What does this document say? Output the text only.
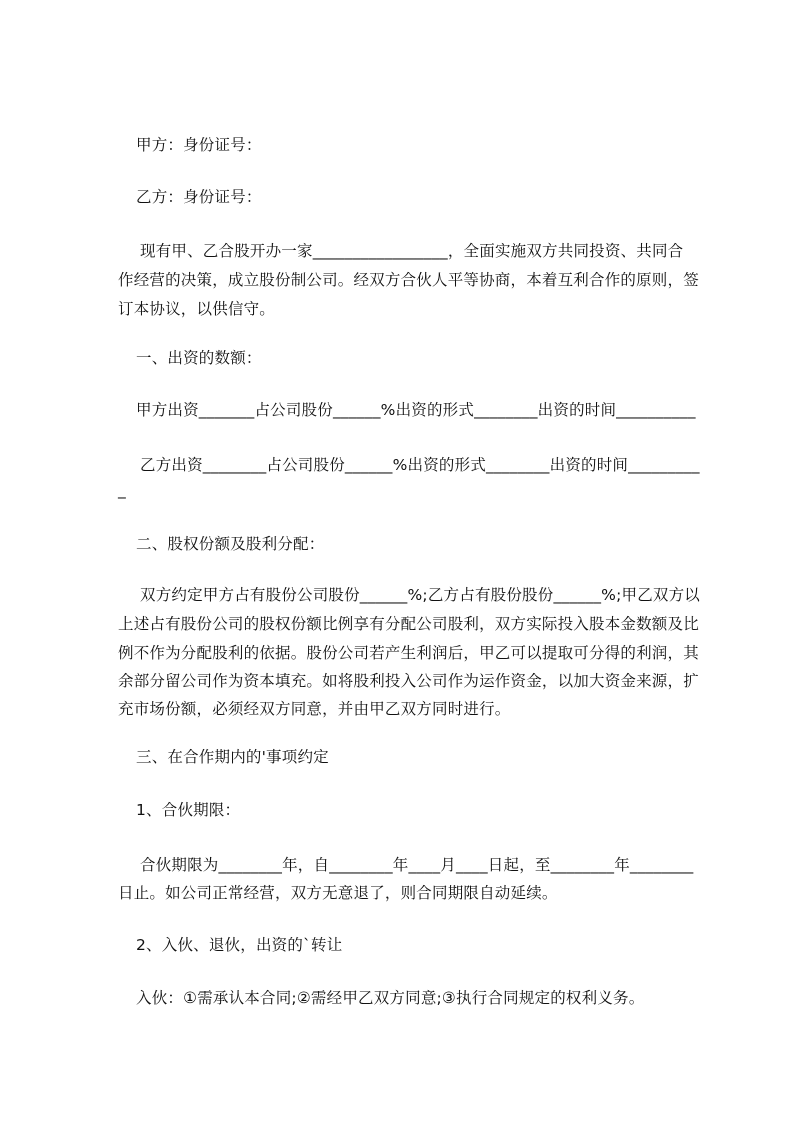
甲方：身份证号：
乙方：身份证号：
现有甲、乙合股开办一家_________________，全面实施双方共同投资、共同合
作经营的决策，成立股份制公司。经双方合伙人平等协商，本着互利合作的原则，签
订本协议，以供信守。
一、出资的数额：
甲方出资_______占公司股份______%出资的形式________出资的时间__________
乙方出资________占公司股份______%出资的形式________出资的时间_________
_
二、股权份额及股利分配：
双方约定甲方占有股份公司股份______%;乙方占有股份股份______%;甲乙双方以
上述占有股份公司的股权份额比例享有分配公司股利，双方实际投入股本金数额及比
例不作为分配股利的依据。股份公司若产生利润后，甲乙可以提取可分得的利润，其
余部分留公司作为资本填充。如将股利投入公司作为运作资金，以加大资金来源，扩
充市场份额，必须经双方同意，并由甲乙双方同时进行。
三、在合作期内的'事项约定
1、合伙期限：
合伙期限为________年，自________年____月____日起，至________年________
日止。如公司正常经营，双方无意退了，则合同期限自动延续。
2、入伙、退伙，出资的`转让
入伙：①需承认本合同;②需经甲乙双方同意;③执行合同规定的权利义务。
